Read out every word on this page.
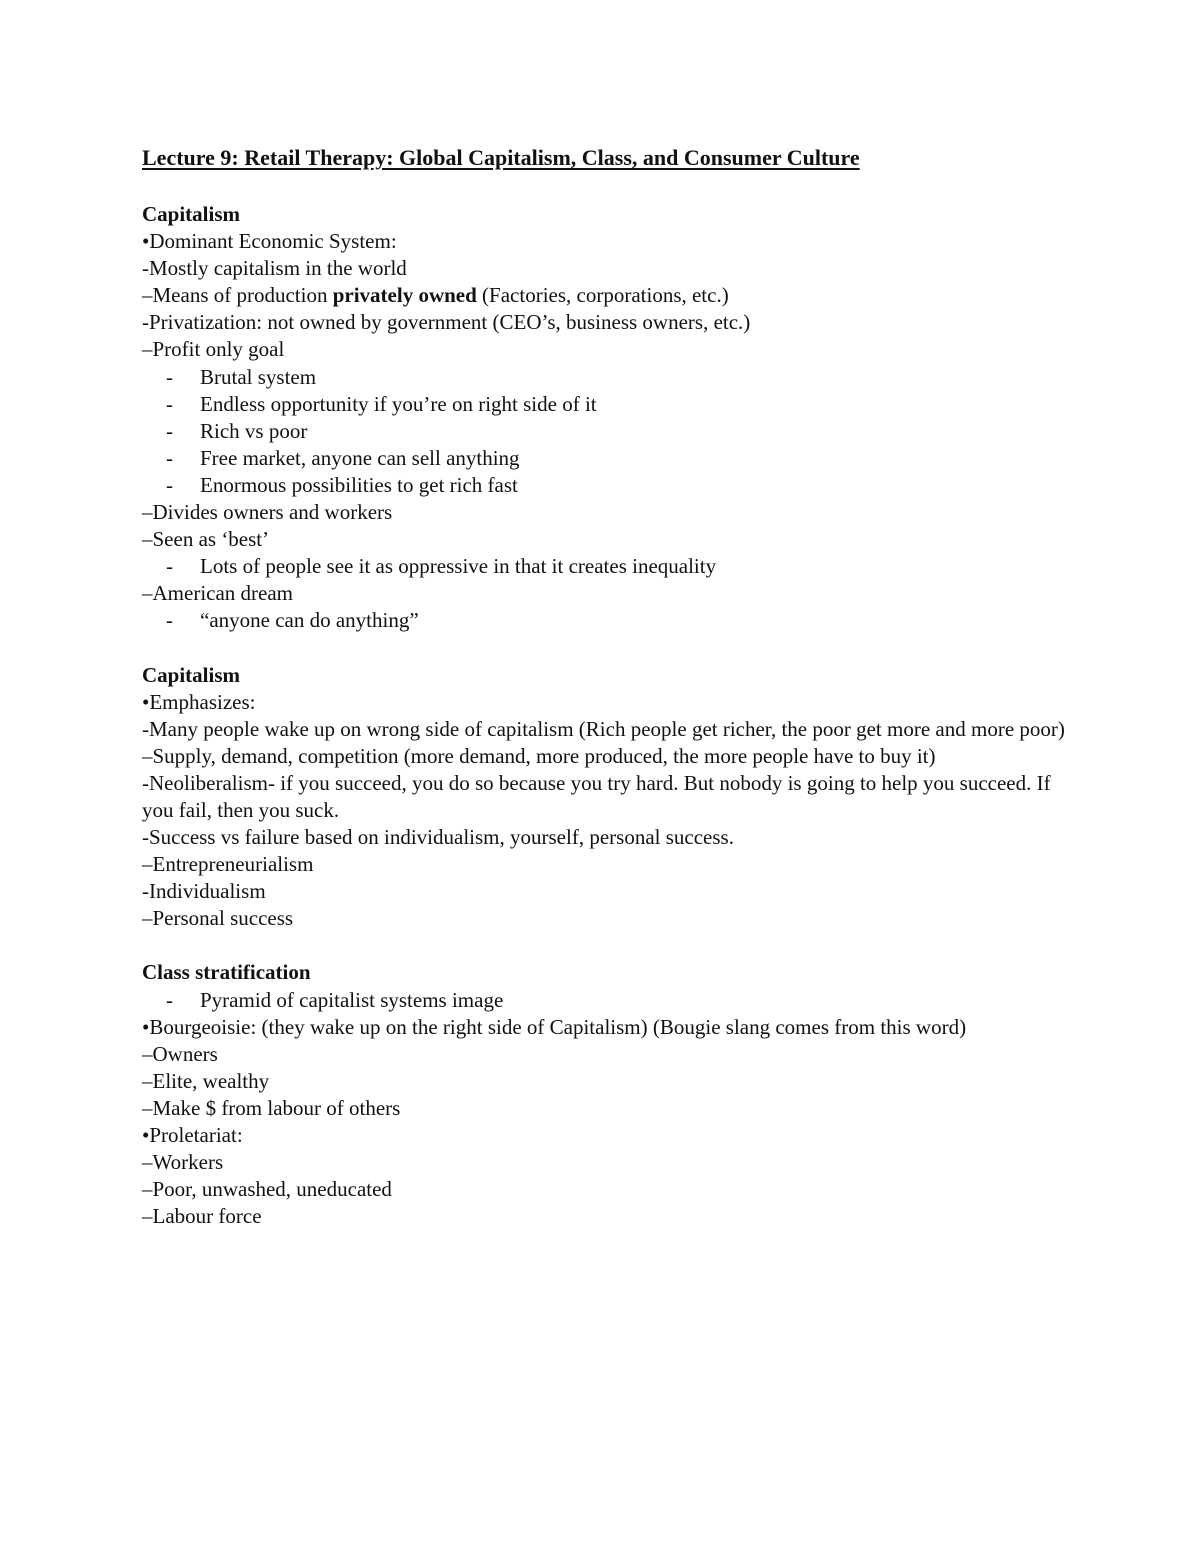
Lecture 9: Retail Therapy: Global Capitalism, Class, and Consumer Culture
Capitalism
•Dominant Economic System:
-Mostly capitalism in the world
–Means of production privately owned (Factories, corporations, etc.)
-Privatization: not owned by government (CEO’s, business owners, etc.)
–Profit only goal
-	Brutal system
-	Endless opportunity if you’re on right side of it
-	Rich vs poor
-	Free market, anyone can sell anything
-	Enormous possibilities to get rich fast
–Divides owners and workers
–Seen as ‘best’
-	Lots of people see it as oppressive in that it creates inequality
–American dream
-	“anyone can do anything”
Capitalism
•Emphasizes:
-Many people wake up on wrong side of capitalism (Rich people get richer, the poor get more and more poor)
–Supply, demand, competition (more demand, more produced, the more people have to buy it)
-Neoliberalism- if you succeed, you do so because you try hard. But nobody is going to help you succeed. If you fail, then you suck.
-Success vs failure based on individualism, yourself, personal success.
–Entrepreneurialism
-Individualism
–Personal success
Class stratification
-	Pyramid of capitalist systems image
•Bourgeoisie: (they wake up on the right side of Capitalism) (Bougie slang comes from this word)
–Owners
–Elite, wealthy
–Make $ from labour of others
•Proletariat:
–Workers
–Poor, unwashed, uneducated
–Labour force
